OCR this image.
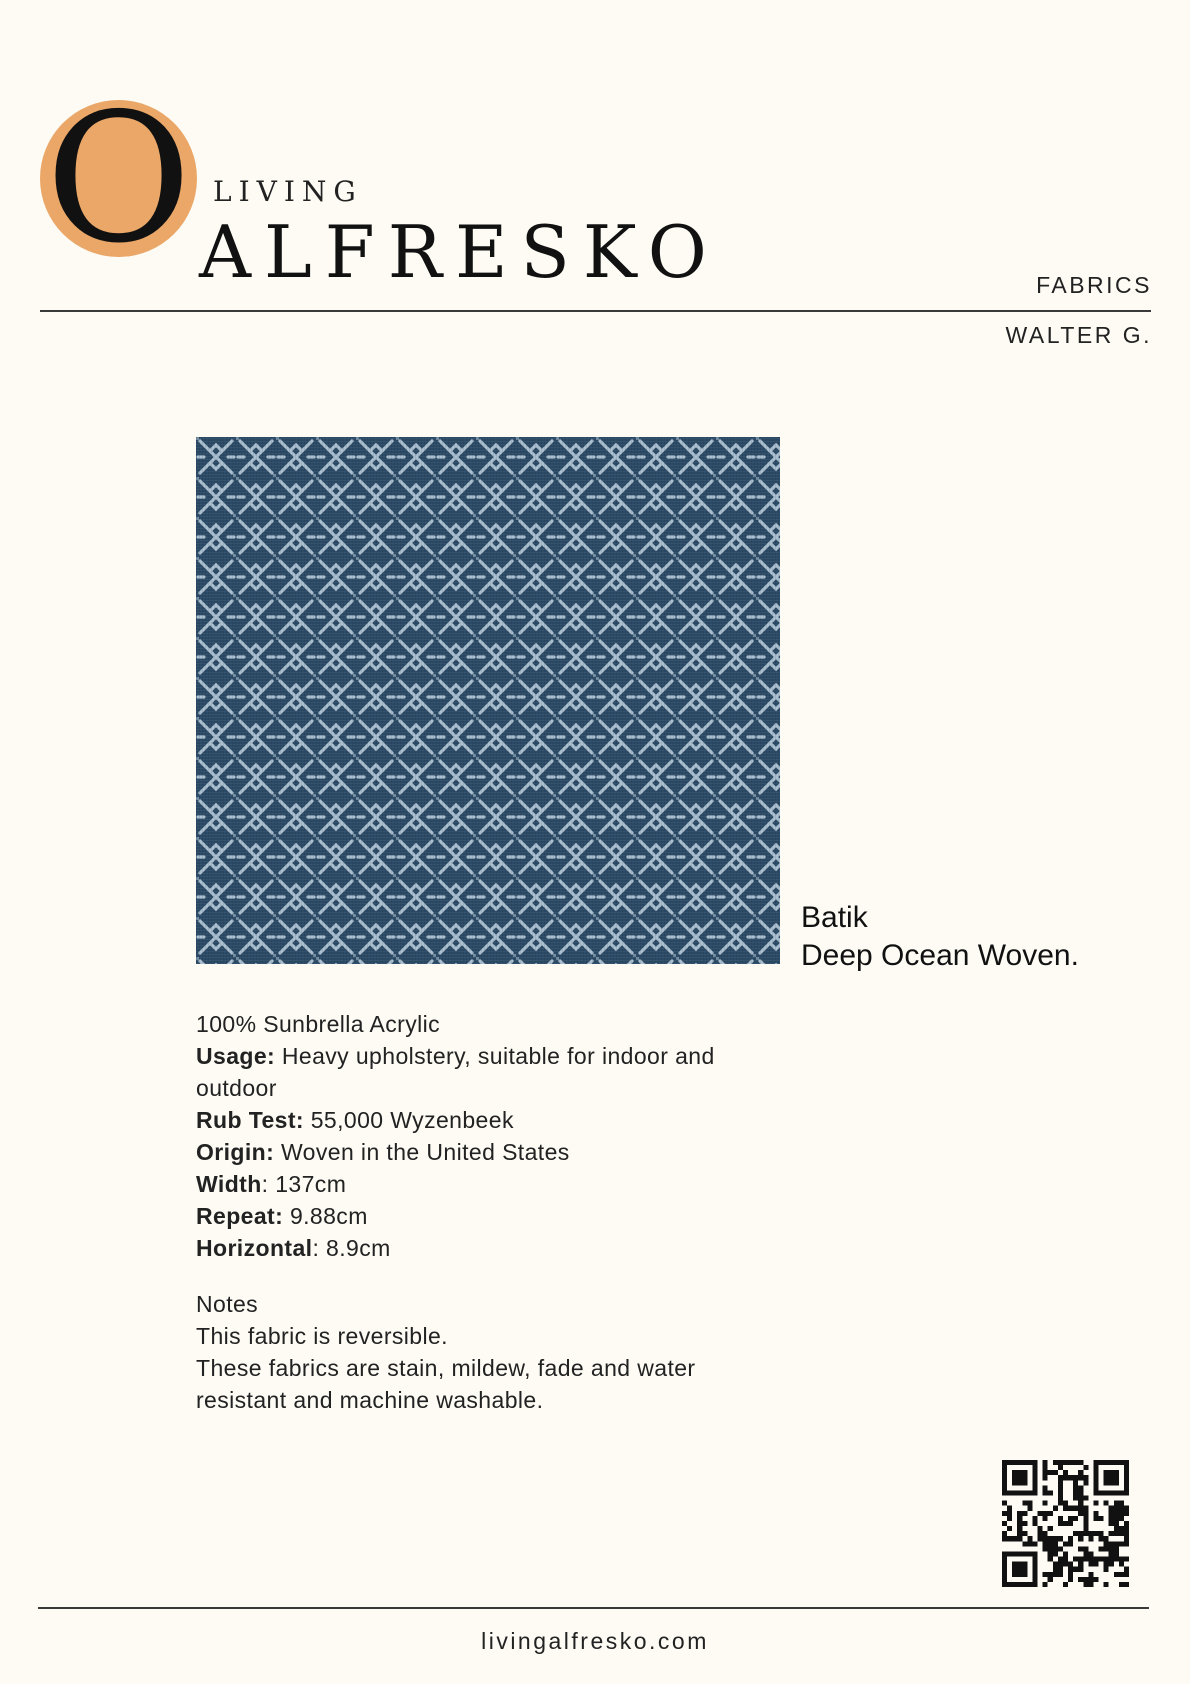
O LIVING
ALFRESKO	FABRICS
WALTER G.
Batik
Deep Ocean Woven.
100% Sunbrella Acrylic
Usage: Heavy upholstery, suitable for indoor and outdoor
Rub Test: 55,000 Wyzenbeek
Origin: Woven in the United States
Width: 137cm
Repeat: 9.88cm
Horizontal: 8.9cm
Notes
This fabric is reversible.
These fabrics are stain, mildew, fade and water resistant and machine washable.
livingalfresko.com
